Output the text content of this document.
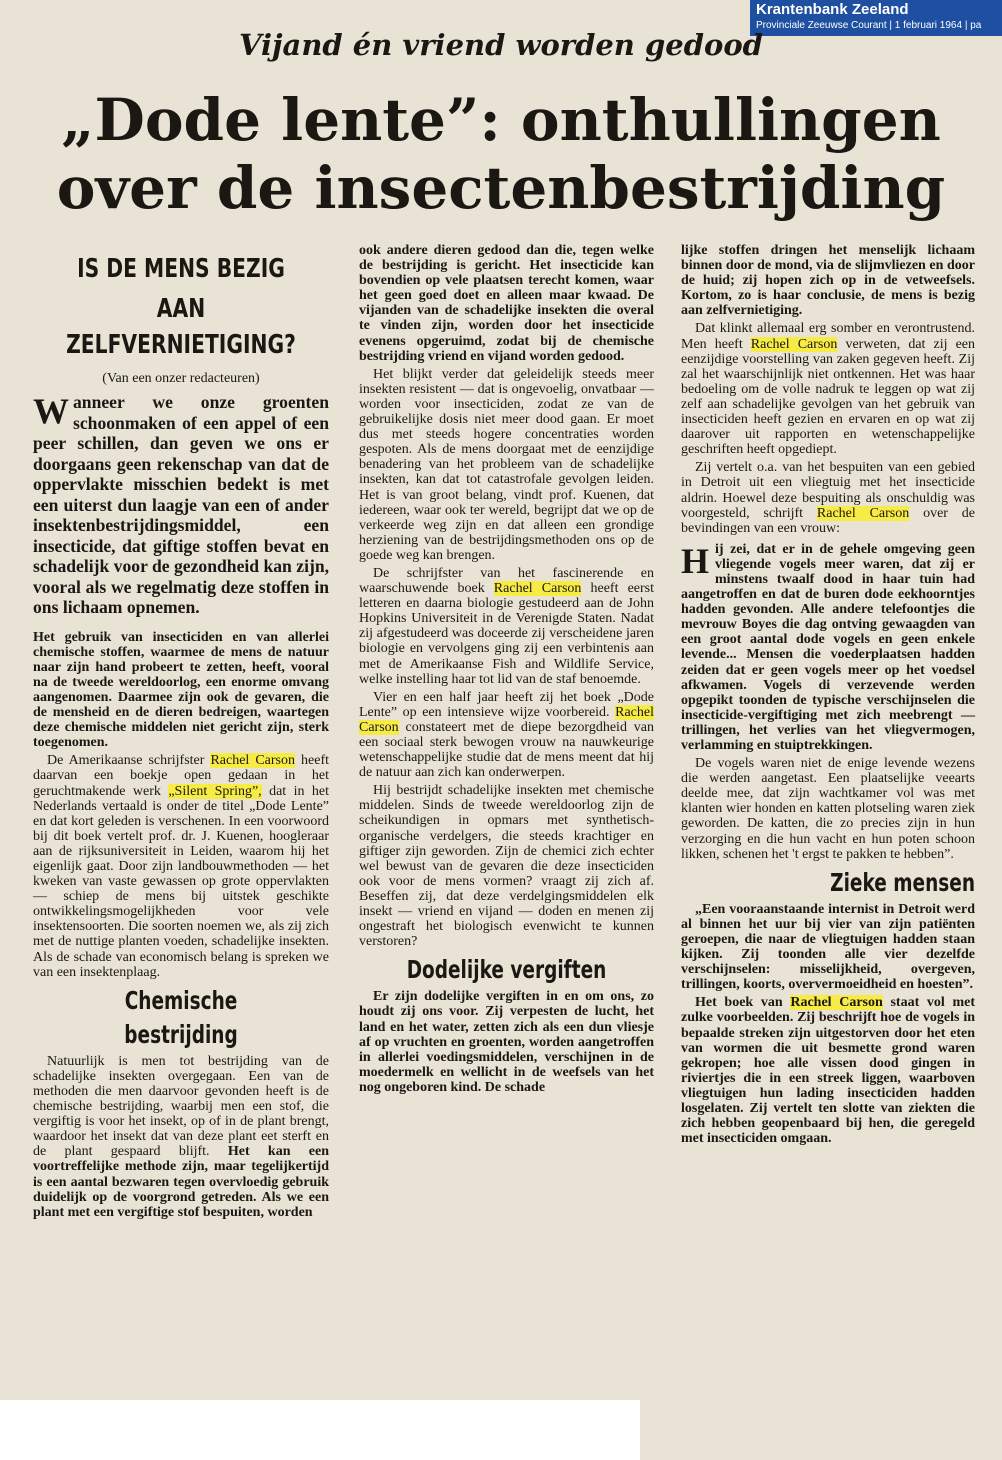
Krantenbank Zeeland
Provinciale Zeeuwse Courant | 1 februari 1964 | pa
Vijand én vriend worden gedood
„Dode lente”: onthullingen
over de insectenbestrijding
IS DE MENS BEZIG
AAN ZELFVERNIETIGING?
(Van een onzer redacteuren)
Wanneer we onze groenten schoonmaken of een appel of een peer schillen, dan geven we ons er doorgaans geen rekenschap van dat de oppervlakte misschien bedekt is met een uiterst dun laagje van een of ander insektenbestrijdingsmiddel, een insecticide, dat giftige stoffen bevat en schadelijk voor de gezondheid kan zijn, vooral als we regelmatig deze stoffen in ons lichaam opnemen.

Het gebruik van insecticiden en van allerlei chemische stoffen, waarmee de mens de natuur naar zijn hand probeert te zetten, heeft, vooral na de tweede wereldoorlog, een enorme omvang aangenomen. Daarmee zijn ook de gevaren, die de mensheid en de dieren bedreigen, waartegen deze chemische middelen niet gericht zijn, sterk toegenomen.

De Amerikaanse schrijfster Rachel Carson heeft daarvan een boekje open gedaan in het geruchtmakende werk „Silent Spring”, dat in het Nederlands vertaald is onder de titel „Dode Lente” en dat kort geleden is verschenen. In een voorwoord bij dit boek vertelt prof. dr. J. Kuenen, hoogleraar aan de rijksuniversiteit in Leiden, waarom hij het eigenlijk gaat. Door zijn landbouwmethoden — het kweken van vaste gewassen op grote oppervlakten — schiep de mens bij uitstek geschikte ontwikkelingsmogelijkheden voor vele insektensoorten. Die soorten noemen we, als zij zich met de nuttige planten voeden, schadelijke insekten. Als de schade van economisch belang is spreken we van een insektenplaag.

Chemische bestrijding

Natuurlijk is men tot bestrijding van de schadelijke insekten overgegaan. Een van de methoden die men daarvoor gevonden heeft is de chemische bestrijding, waarbij men een stof, die vergiftig is voor het insekt, op of in de plant brengt, waardoor het insekt dat van deze plant eet sterft en de plant gespaard blijft. Het kan een voortreffelijke methode zijn, maar tegelijkertijd is een aantal bezwaren tegen overvloedig gebruik duidelijk op de voorgrond getreden. Als we een plant met een vergiftige stof bespuiten, worden

ook andere dieren gedood dan die, tegen welke de bestrijding is gericht. Het insecticide kan bovendien op vele plaatsen terecht komen, waar het geen goed doet en alleen maar kwaad. De vijanden van de schadelijke insekten die overal te vinden zijn, worden door het insecticide evenens opgeruimd, zodat bij de chemische bestrijding vriend en vijand worden gedood.

Het blijkt verder dat geleidelijk steeds meer insekten resistent — dat is ongevoelig, onvatbaar — worden voor insecticiden, zodat ze van de gebruikelijke dosis niet meer dood gaan. Er moet dus met steeds hogere concentraties worden gespoten. Als de mens doorgaat met de eenzijdige benadering van het probleem van de schadelijke insekten, kan dat tot catastrofale gevolgen leiden. Het is van groot belang, vindt prof. Kuenen, dat iedereen, waar ook ter wereld, begrijpt dat we op de verkeerde weg zijn en dat alleen een grondige herziening van de bestrijdingsmethoden ons op de goede weg kan brengen.

De schrijfster van het fascinerende en waarschuwende boek Rachel Carson heeft eerst letteren en daarna biologie gestudeerd aan de John Hopkins Universiteit in de Verenigde Staten. Nadat zij afgestudeerd was doceerde zij verscheidene jaren biologie en vervolgens ging zij een verbintenis aan met de Amerikaanse Fish and Wildlife Service, welke instelling haar tot lid van de staf benoemde.

Vier en een half jaar heeft zij het boek „Dode Lente” op een intensieve wijze voorbereid. Rachel Carson constateert met de diepe bezorgdheid van een sociaal sterk bewogen vrouw na nauwkeurige wetenschappelijke studie dat de mens meent dat hij de natuur aan zich kan onderwerpen.

Hij bestrijdt schadelijke insekten met chemische middelen. Sinds de tweede wereldoorlog zijn de scheikundigen in opmars met synthetisch-organische verdelgers, die steeds krachtiger en giftiger zijn geworden. Zijn de chemici zich echter wel bewust van de gevaren die deze insecticiden ook voor de mens vormen? vraagt zij zich af. Beseffen zij, dat deze verdelgingsmiddelen elk insekt — vriend en vijand — doden en menen zij ongestraft het biologisch evenwicht te kunnen verstoren?

Dodelijke vergiften

Er zijn dodelijke vergiften in en om ons, zo houdt zij ons voor. Zij verpesten de lucht, het land en het water, zetten zich als een dun vliesje af op vruchten en groenten, worden aangetroffen in allerlei voedingsmiddelen, verschijnen in de moedermelk en wellicht in de weefsels van het nog ongeboren kind. De schade

lijke stoffen dringen het menselijk lichaam binnen door de mond, via de slijmvliezen en door de huid; zij hopen zich op in de vetweefsels. Kortom, zo is haar conclusie, de mens is bezig aan zelfvernietiging.

Dat klinkt allemaal erg somber en verontrustend. Men heeft Rachel Carson verweten, dat zij een eenzijdige voorstelling van zaken gegeven heeft. Zij zal het waarschijnlijk niet ontkennen. Het was haar bedoeling om de volle nadruk te leggen op wat zij zelf aan schadelijke gevolgen van het gebruik van insecticiden heeft gezien en ervaren en op wat zij daarover uit rapporten en wetenschappelijke geschriften heeft opgediept.

Zij vertelt o.a. van het bespuiten van een gebied in Detroit uit een vliegtuig met het insecticide aldrin. Hoewel deze bespuiting als onschuldig was voorgesteld, schrijft Rachel Carson over de bevindingen van een vrouw:

Hij zei, dat er in de gehele omgeving geen vliegende vogels meer waren, dat zij er minstens twaalf dood in haar tuin had aangetroffen en dat de buren dode eekhoorntjes hadden gevonden. Alle andere telefoontjes die mevrouw Boyes die dag ontving gewaagden van een groot aantal dode vogels en geen enkele levende... Mensen die voederplaatsen hadden zeiden dat er geen vogels meer op het voedsel afkwamen. Vogels di verzevende werden opgepikt toonden de typische verschijnselen die insecticide-vergiftiging met zich meebrengt — trillingen, het verlies van het vliegvermogen, verlamming en stuiptrekkingen.

De vogels waren niet de enige levende wezens die werden aangetast. Een plaatselijke veearts deelde mee, dat zijn wachtkamer vol was met klanten wier honden en katten plotseling waren ziek geworden. De katten, die zo precies zijn in hun verzorging en die hun vacht en hun poten schoon likken, schenen het 't ergst te pakken te hebben”.

Zieke mensen

„Een vooraanstaande internist in Detroit werd al binnen het uur bij vier van zijn patiënten geroepen, die naar de vliegtuigen hadden staan kijken. Zij toonden alle vier dezelfde verschijnselen: misselijkheid, overgeven, trillingen, koorts, oververmoeidheid en hoesten”.

Het boek van Rachel Carson staat vol met zulke voorbeelden. Zij beschrijft hoe de vogels in bepaalde streken zijn uitgestorven door het eten van wormen die uit besmette grond waren gekropen; hoe alle vissen dood gingen in riviertjes die in een streek liggen, waarboven vliegtuigen hun lading insecticiden hadden losgelaten. Zij vertelt ten slotte van ziekten die zich hebben geopenbaard bij hen, die geregeld met insecticiden omgaan.
